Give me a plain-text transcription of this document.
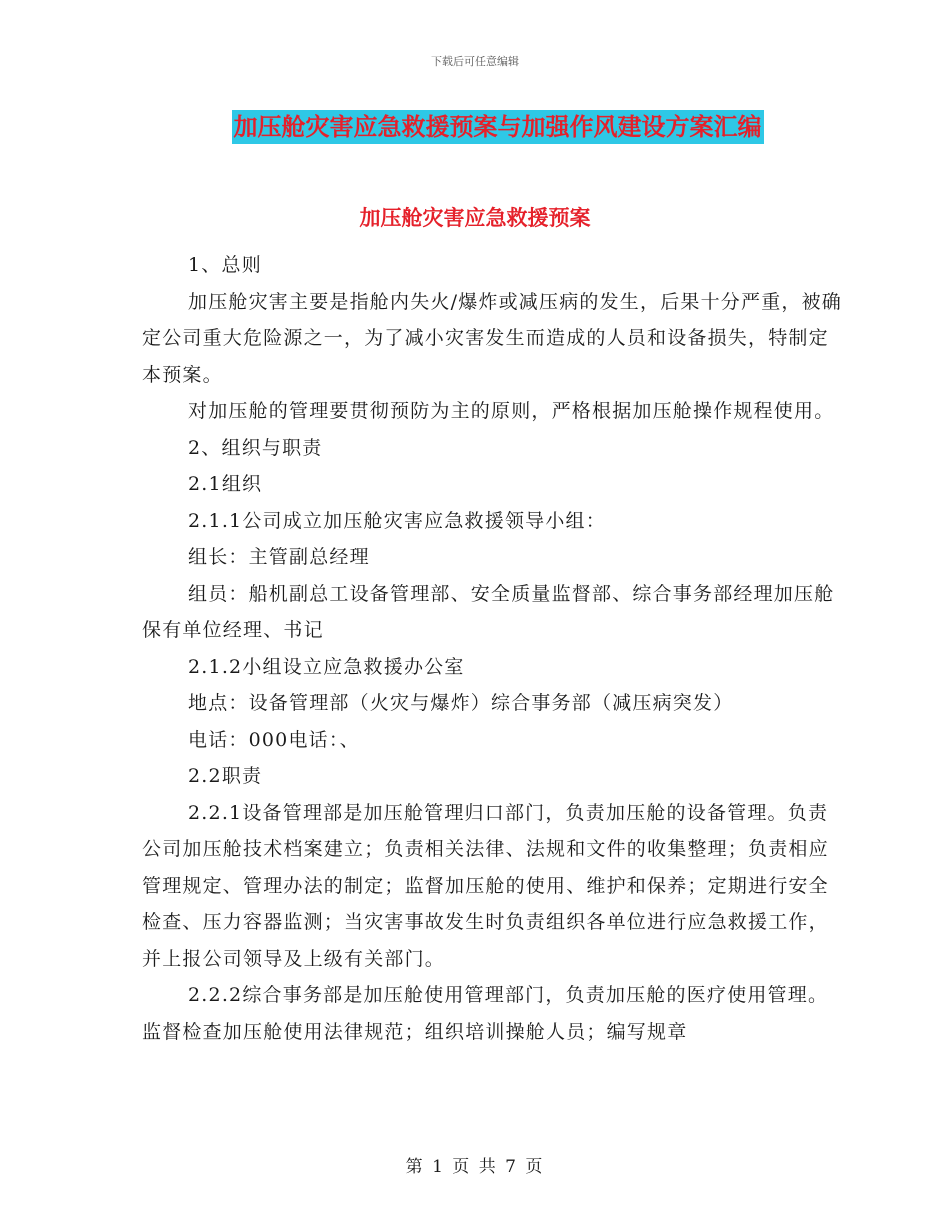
下载后可任意编辑
加压舱灾害应急救援预案与加强作风建设方案汇编
加压舱灾害应急救援预案

1、总则

加压舱灾害主要是指舱内失火/爆炸或减压病的发生，后果十分严重，被确定公司重大危险源之一，为了减小灾害发生而造成的人员和设备损失，特制定本预案。

对加压舱的管理要贯彻预防为主的原则，严格根据加压舱操作规程使用。

2、组织与职责

2.1组织

2.1.1公司成立加压舱灾害应急救援领导小组：

组长：主管副总经理

组员：船机副总工设备管理部、安全质量监督部、综合事务部经理加压舱保有单位经理、书记

2.1.2小组设立应急救援办公室

地点：设备管理部（火灾与爆炸）综合事务部（减压病突发）

电话：000电话：、

2.2职责

2.2.1设备管理部是加压舱管理归口部门，负责加压舱的设备管理。负责公司加压舱技术档案建立；负责相关法律、法规和文件的收集整理；负责相应管理规定、管理办法的制定；监督加压舱的使用、维护和保养；定期进行安全检查、压力容器监测；当灾害事故发生时负责组织各单位进行应急救援工作，并上报公司领导及上级有关部门。

2.2.2综合事务部是加压舱使用管理部门，负责加压舱的医疗使用管理。监督检查加压舱使用法律规范；组织培训操舱人员；编写规章

第 1 页 共 7 页
